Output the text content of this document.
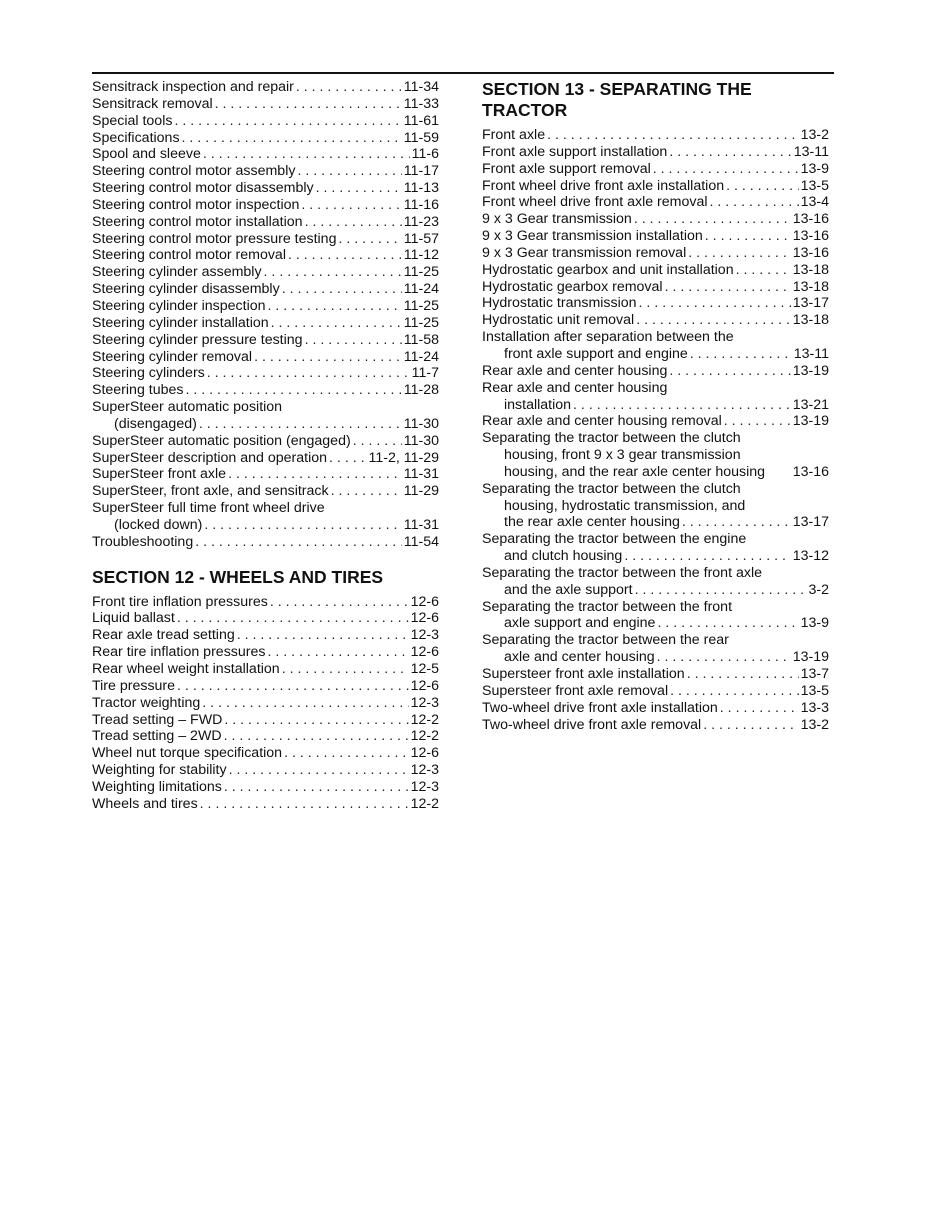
Sensitrack inspection and repair . . .	11-34
Sensitrack removal . . .	11-33
Special tools . . .	11-61
Specifications . . .	11-59
Spool and sleeve . . .	11-6
Steering control motor assembly . . .	11-17
Steering control motor disassembly . . .	11-13
Steering control motor inspection . . .	11-16
Steering control motor installation . . .	11-23
Steering control motor pressure testing . . .	11-57
Steering control motor removal . . .	11-12
Steering cylinder assembly . . .	11-25
Steering cylinder disassembly . . .	11-24
Steering cylinder inspection . . .	11-25
Steering cylinder installation . . .	11-25
Steering cylinder pressure testing . . .	11-58
Steering cylinder removal . . .	11-24
Steering cylinders . . .	11-7
Steering tubes . . .	11-28
SuperSteer automatic position
(disengaged) . . .	11-30
SuperSteer automatic position (engaged) . . .	11-30
SuperSteer description and operation . . .	11-2, 11-29
SuperSteer front axle . . .	11-31
SuperSteer, front axle, and sensitrack . . .	11-29
SuperSteer full time front wheel drive
(locked down) . . .	11-31
Troubleshooting . . .	11-54
SECTION 12 - WHEELS AND TIRES
Front tire inflation pressures . . .	12-6
Liquid ballast . . .	12-6
Rear axle tread setting . . .	12-3
Rear tire inflation pressures . . .	12-6
Rear wheel weight installation . . .	12-5
Tire pressure . . .	12-6
Tractor weighting . . .	12-3
Tread setting – FWD . . .	12-2
Tread setting – 2WD . . .	12-2
Wheel nut torque specification . . .	12-6
Weighting for stability . . .	12-3
Weighting limitations . . .	12-3
Wheels and tires . . .	12-2
SECTION 13 - SEPARATING THE
TRACTOR
Front axle . . .	13-2
Front axle support installation . . .	13-11
Front axle support removal . . .	13-9
Front wheel drive front axle installation . . .	13-5
Front wheel drive front axle removal . . .	13-4
9 x 3 Gear transmission . . .	13-16
9 x 3 Gear transmission installation . . .	13-16
9 x 3 Gear transmission removal . . .	13-16
Hydrostatic gearbox and unit installation . . .	13-18
Hydrostatic gearbox removal . . .	13-18
Hydrostatic transmission . . .	13-17
Hydrostatic unit removal . . .	13-18
Installation after separation between the
front axle support and engine . . .	13-11
Rear axle and center housing . . .	13-19
Rear axle and center housing
installation . . .	13-21
Rear axle and center housing removal . . .	13-19
Separating the tractor between the clutch
housing, front 9 x 3 gear transmission
housing, and the rear axle center housing 13-16
Separating the tractor between the clutch
housing, hydrostatic transmission, and
the rear axle center housing . . .	13-17
Separating the tractor between the engine
and clutch housing . . .	13-12
Separating the tractor between the front axle
and the axle support . . .	3-2
Separating the tractor between the front
axle support and engine . . .	13-9
Separating the tractor between the rear
axle and center housing . . .	13-19
Supersteer front axle installation . . .	13-7
Supersteer front axle removal . . .	13-5
Two-wheel drive front axle installation . . .	13-3
Two-wheel drive front axle removal . . .	13-2
